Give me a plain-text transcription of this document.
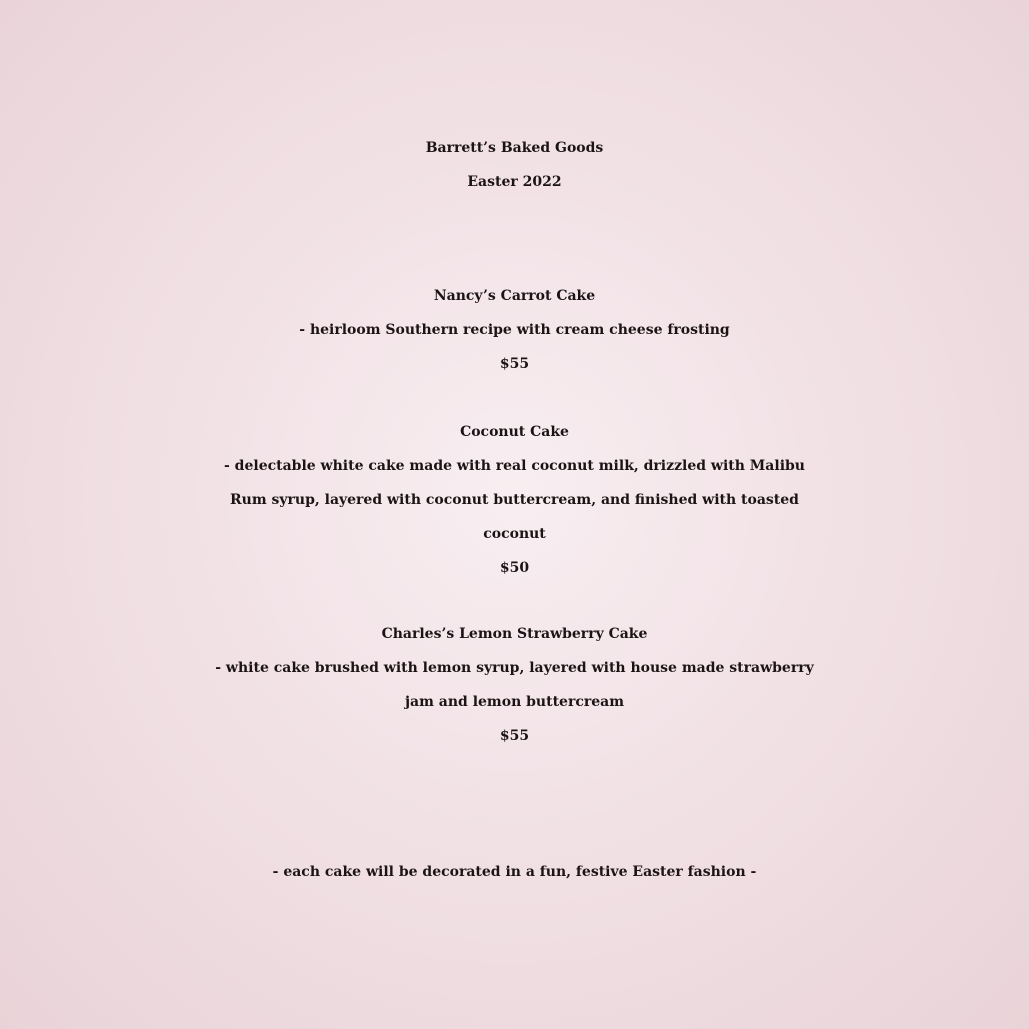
Barrett’s Baked Goods
Easter 2022
Nancy’s Carrot Cake
- heirloom Southern recipe with cream cheese frosting
$55
Coconut Cake
- delectable white cake made with real coconut milk, drizzled with Malibu
Rum syrup, layered with coconut buttercream, and finished with toasted
coconut
$50
Charles’s Lemon Strawberry Cake
- white cake brushed with lemon syrup, layered with house made strawberry
jam and lemon buttercream
$55
- each cake will be decorated in a fun, festive Easter fashion -
